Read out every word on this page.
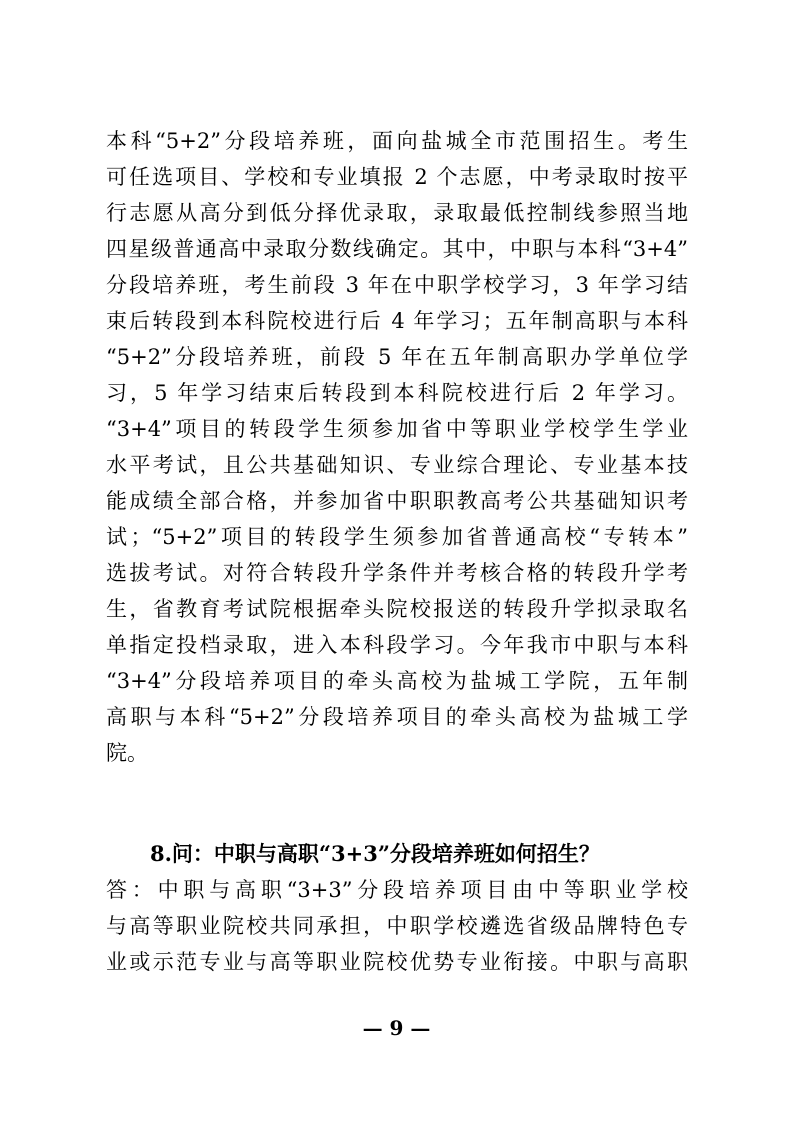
本科“5+2”分段培养班，面向盐城全市范围招生。考生
可任选项目、学校和专业填报 2 个志愿，中考录取时按平
行志愿从高分到低分择优录取，录取最低控制线参照当地
四星级普通高中录取分数线确定。其中，中职与本科“3+4”
分段培养班，考生前段 3 年在中职学校学习，3 年学习结
束后转段到本科院校进行后 4 年学习；五年制高职与本科
“5+2”分段培养班，前段 5 年在五年制高职办学单位学
习，5 年学习结束后转段到本科院校进行后 2 年学习。
“3+4”项目的转段学生须参加省中等职业学校学生学业
水平考试，且公共基础知识、专业综合理论、专业基本技
能成绩全部合格，并参加省中职职教高考公共基础知识考
试；“5+2”项目的转段学生须参加省普通高校“专转本”
选拔考试。对符合转段升学条件并考核合格的转段升学考
生，省教育考试院根据牵头院校报送的转段升学拟录取名
单指定投档录取，进入本科段学习。今年我市中职与本科
“3+4”分段培养项目的牵头高校为盐城工学院，五年制
高职与本科“5+2”分段培养项目的牵头高校为盐城工学
院。
8.问：中职与高职“3+3”分段培养班如何招生？
答：中职与高职“3+3”分段培养项目由中等职业学校
与高等职业院校共同承担，中职学校遴选省级品牌特色专
业或示范专业与高等职业院校优势专业衔接。中职与高职
— 9 —
